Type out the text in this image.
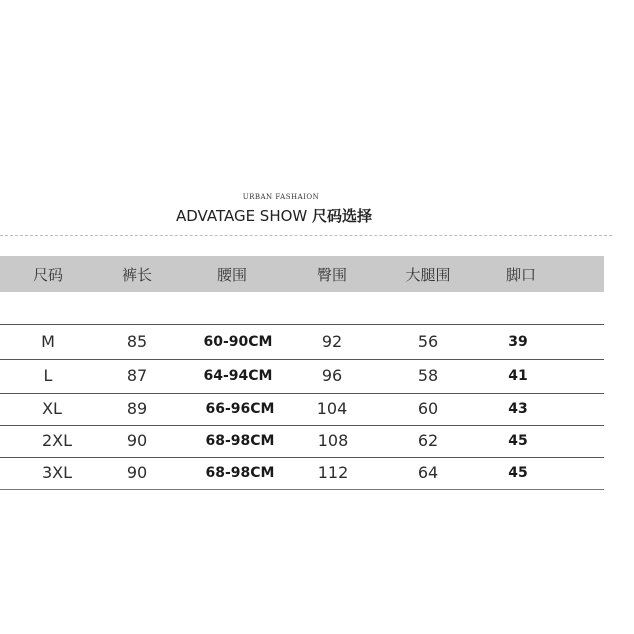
URBAN FASHAION
ADVATAGE SHOW 尺码选择
尺码	裤长	腰围	臀围	大腿围	脚口
M	85	60-90CM	92	56	39
L	87	64-94CM	96	58	41
XL	89	66-96CM	104	60	43
2XL	90	68-98CM	108	62	45
3XL	90	68-98CM	112	64	45
